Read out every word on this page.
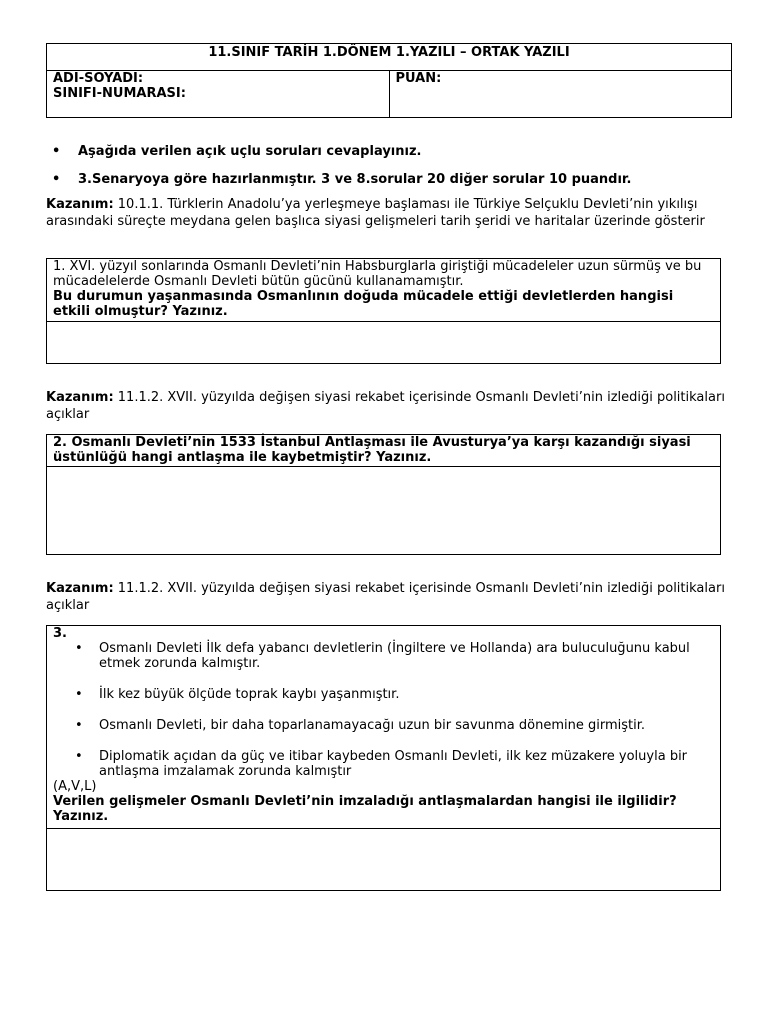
11.SINIF TARİH 1.DÖNEM 1.YAZILI – ORTAK YAZILI

ADI-SOYADI:
SINIFI-NUMARASI:

PUAN:
• Aşağıda verilen açık uçlu soruları cevaplayınız.
• 3.Senaryoya göre hazırlanmıştır. 3 ve 8.sorular 20 diğer sorular 10 puandır.
Kazanım: 10.1.1. Türklerin Anadolu’ya yerleşmeye başlaması ile Türkiye Selçuklu Devleti’nin yıkılışı arasındaki süreçte meydana gelen başlıca siyasi gelişmeleri tarih şeridi ve haritalar üzerinde gösterir
1. XVI. yüzyıl sonlarında Osmanlı Devleti’nin Habsburglarla giriştiği mücadeleler uzun sürmüş ve bu mücadelelerde Osmanlı Devleti bütün gücünü kullanamamıştır.
Bu durumun yaşanmasında Osmanlının doğuda mücadele ettiği devletlerden hangisi etkili olmuştur? Yazınız.
Kazanım: 11.1.2. XVII. yüzyılda değişen siyasi rekabet içerisinde Osmanlı Devleti’nin izlediği politikaları açıklar
2. Osmanlı Devleti’nin 1533 İstanbul Antlaşması ile Avusturya’ya karşı kazandığı siyasi üstünlüğü hangi antlaşma ile kaybetmiştir? Yazınız.
Kazanım: 11.1.2. XVII. yüzyılda değişen siyasi rekabet içerisinde Osmanlı Devleti’nin izlediği politikaları açıklar
3.
• Osmanlı Devleti İlk defa yabancı devletlerin (İngiltere ve Hollanda) ara buluculuğunu kabul etmek zorunda kalmıştır.
• İlk kez büyük ölçüde toprak kaybı yaşanmıştır.
• Osmanlı Devleti, bir daha toparlanamayacağı uzun bir savunma dönemine girmiştir.
• Diplomatik açıdan da güç ve itibar kaybeden Osmanlı Devleti, ilk kez müzakere yoluyla bir antlaşma imzalamak zorunda kalmıştır
(A,V,L)
Verilen gelişmeler Osmanlı Devleti’nin imzaladığı antlaşmalardan hangisi ile ilgilidir? Yazınız.
